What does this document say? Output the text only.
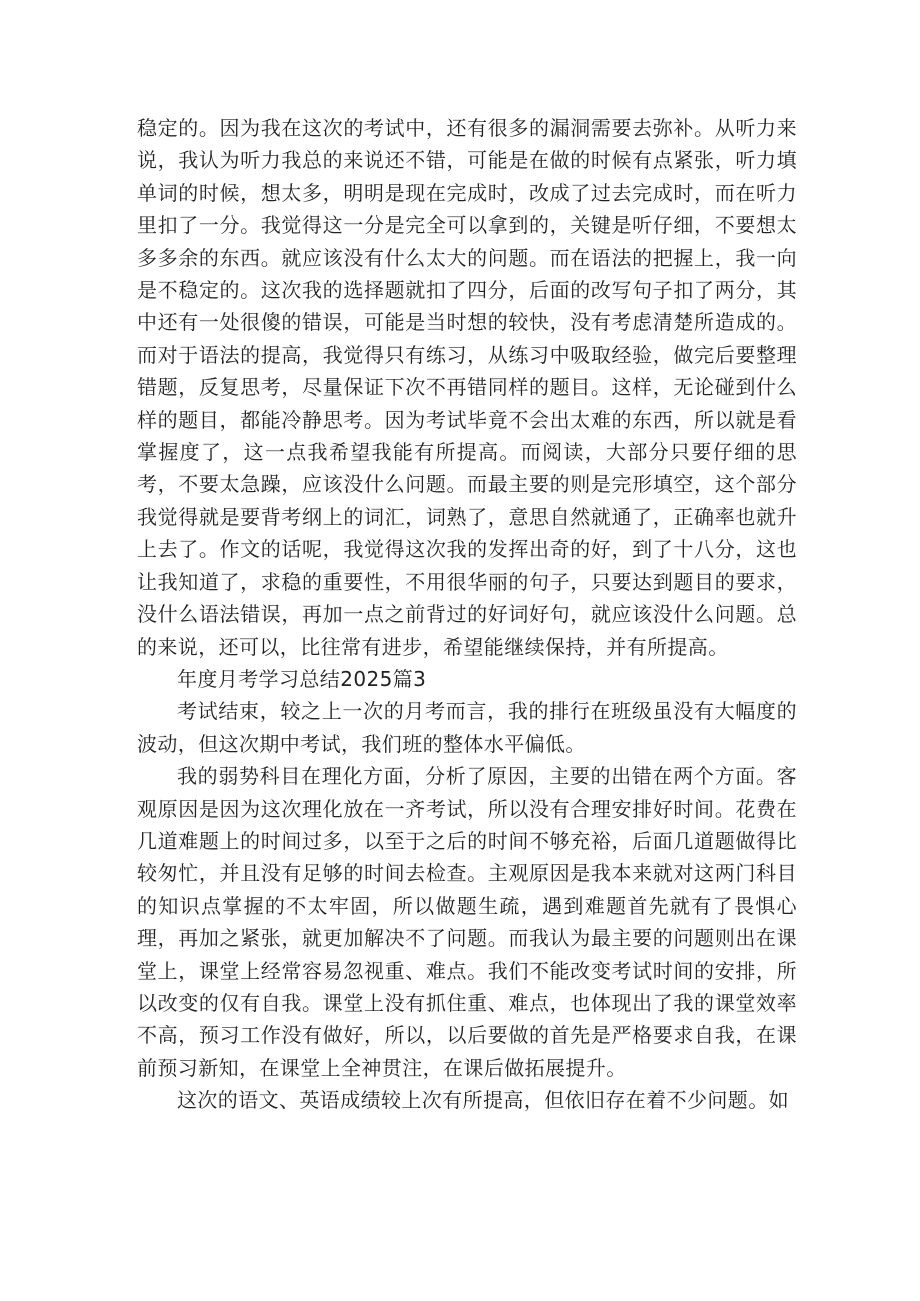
稳定的。因为我在这次的考试中，还有很多的漏洞需要去弥补。从听力来说，我认为听力我总的来说还不错，可能是在做的时候有点紧张，听力填单词的时候，想太多，明明是现在完成时，改成了过去完成时，而在听力里扣了一分。我觉得这一分是完全可以拿到的，关键是听仔细，不要想太多多余的东西。就应该没有什么太大的问题。而在语法的把握上，我一向是不稳定的。这次我的选择题就扣了四分，后面的改写句子扣了两分，其中还有一处很傻的错误，可能是当时想的较快，没有考虑清楚所造成的。而对于语法的提高，我觉得只有练习，从练习中吸取经验，做完后要整理错题，反复思考，尽量保证下次不再错同样的题目。这样，无论碰到什么样的题目，都能冷静思考。因为考试毕竟不会出太难的东西，所以就是看掌握度了，这一点我希望我能有所提高。而阅读，大部分只要仔细的思考，不要太急躁，应该没什么问题。而最主要的则是完形填空，这个部分我觉得就是要背考纲上的词汇，词熟了，意思自然就通了，正确率也就升上去了。作文的话呢，我觉得这次我的发挥出奇的好，到了十八分，这也让我知道了，求稳的重要性，不用很华丽的句子，只要达到题目的要求，没什么语法错误，再加一点之前背过的好词好句，就应该没什么问题。总的来说，还可以，比往常有进步，希望能继续保持，并有所提高。

年度月考学习总结2025篇3

考试结束，较之上一次的月考而言，我的排行在班级虽没有大幅度的波动，但这次期中考试，我们班的整体水平偏低。

我的弱势科目在理化方面，分析了原因，主要的出错在两个方面。客观原因是因为这次理化放在一齐考试，所以没有合理安排好时间。花费在几道难题上的时间过多，以至于之后的时间不够充裕，后面几道题做得比较匆忙，并且没有足够的时间去检查。主观原因是我本来就对这两门科目的知识点掌握的不太牢固，所以做题生疏，遇到难题首先就有了畏惧心理，再加之紧张，就更加解决不了问题。而我认为最主要的问题则出在课堂上，课堂上经常容易忽视重、难点。我们不能改变考试时间的安排，所以改变的仅有自我。课堂上没有抓住重、难点，也体现出了我的课堂效率不高，预习工作没有做好，所以，以后要做的首先是严格要求自我，在课前预习新知，在课堂上全神贯注，在课后做拓展提升。

这次的语文、英语成绩较上次有所提高，但依旧存在着不少问题。如
